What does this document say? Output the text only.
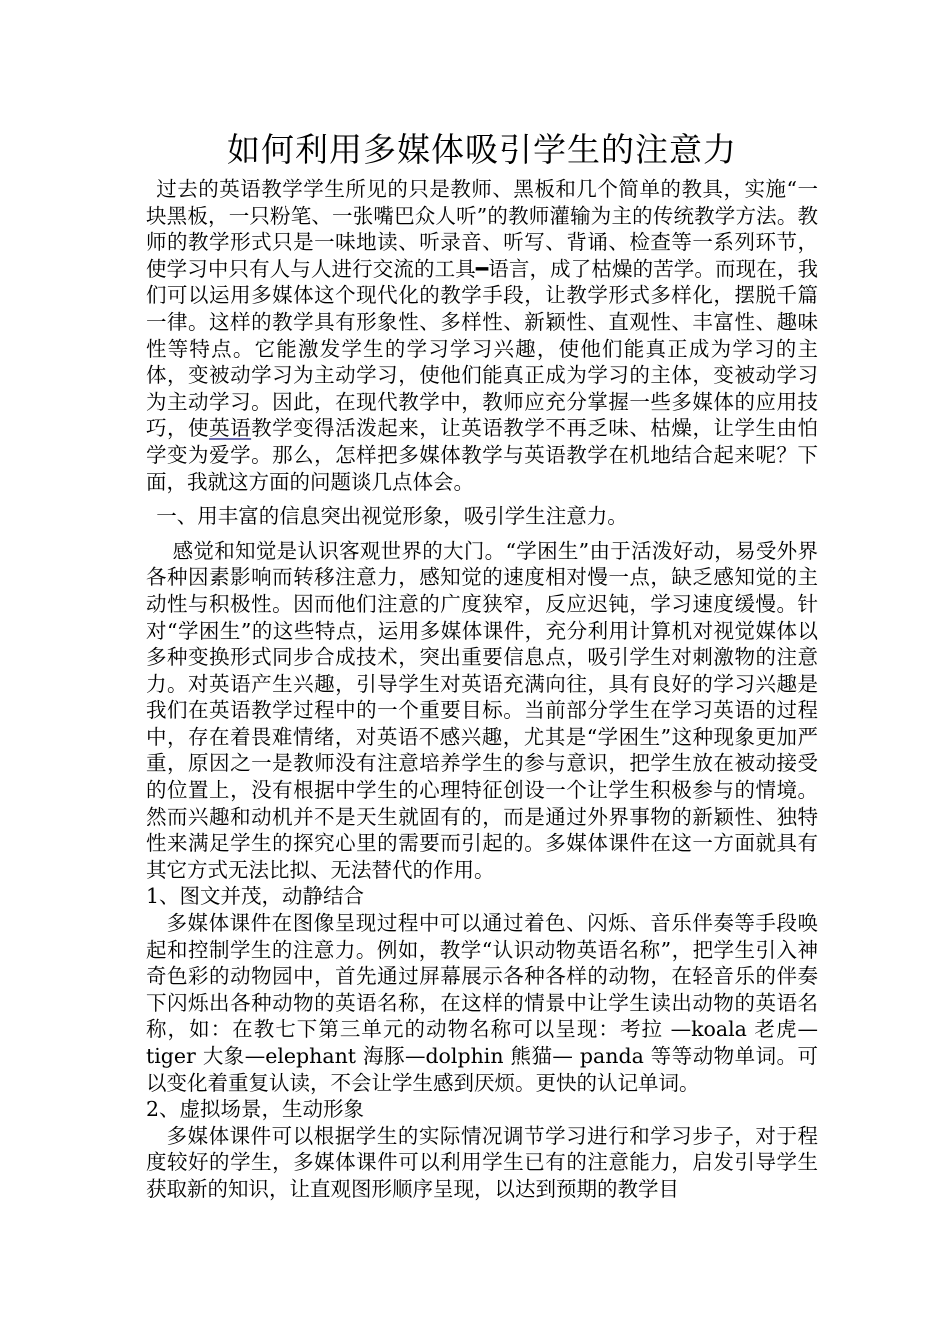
如何利用多媒体吸引学生的注意力

过去的英语教学学生所见的只是教师、黑板和几个简单的教具，实施“一块黑板，一只粉笔、一张嘴巴众人听”的教师灌输为主的传统教学方法。教师的教学形式只是一味地读、听录音、听写、背诵、检查等一系列环节，使学习中只有人与人进行交流的工具━语言，成了枯燥的苦学。而现在，我们可以运用多媒体这个现代化的教学手段，让教学形式多样化，摆脱千篇一律。这样的教学具有形象性、多样性、新颖性、直观性、丰富性、趣味性等特点。它能激发学生的学习学习兴趣，使他们能真正成为学习的主体，变被动学习为主动学习，使他们能真正成为学习的主体，变被动学习为主动学习。因此，在现代教学中，教师应充分掌握一些多媒体的应用技巧，使英语教学变得活泼起来，让英语教学不再乏味、枯燥，让学生由怕学变为爱学。那么，怎样把多媒体教学与英语教学在机地结合起来呢？下面，我就这方面的问题谈几点体会。

一、用丰富的信息突出视觉形象，吸引学生注意力。

感觉和知觉是认识客观世界的大门。“学困生”由于活泼好动，易受外界各种因素影响而转移注意力，感知觉的速度相对慢一点，缺乏感知觉的主动性与积极性。因而他们注意的广度狭窄，反应迟钝，学习速度缓慢。针对“学困生”的这些特点，运用多媒体课件，充分利用计算机对视觉媒体以多种变换形式同步合成技术，突出重要信息点，吸引学生对刺激物的注意力。对英语产生兴趣，引导学生对英语充满向往，具有良好的学习兴趣是我们在英语教学过程中的一个重要目标。当前部分学生在学习英语的过程中，存在着畏难情绪，对英语不感兴趣，尤其是“学困生”这种现象更加严重，原因之一是教师没有注意培养学生的参与意识，把学生放在被动接受的位置上，没有根据中学生的心理特征创设一个让学生积极参与的情境。然而兴趣和动机并不是天生就固有的，而是通过外界事物的新颖性、独特性来满足学生的探究心里的需要而引起的。多媒体课件在这一方面就具有其它方式无法比拟、无法替代的作用。

1、图文并茂，动静结合

多媒体课件在图像呈现过程中可以通过着色、闪烁、音乐伴奏等手段唤起和控制学生的注意力。例如，教学“认识动物英语名称”，把学生引入神奇色彩的动物园中，首先通过屏幕展示各种各样的动物，在轻音乐的伴奏下闪烁出各种动物的英语名称，在这样的情景中让学生读出动物的英语名称，如：在教七下第三单元的动物名称可以呈现：考拉 —koala 老虎—tiger 大象—elephant 海豚—dolphin 熊猫— panda 等等动物单词。可以变化着重复认读，不会让学生感到厌烦。更快的认记单词。

2、虚拟场景，生动形象

多媒体课件可以根据学生的实际情况调节学习进行和学习步子，对于程度较好的学生，多媒体课件可以利用学生已有的注意能力，启发引导学生获取新的知识，让直观图形顺序呈现，以达到预期的教学目
